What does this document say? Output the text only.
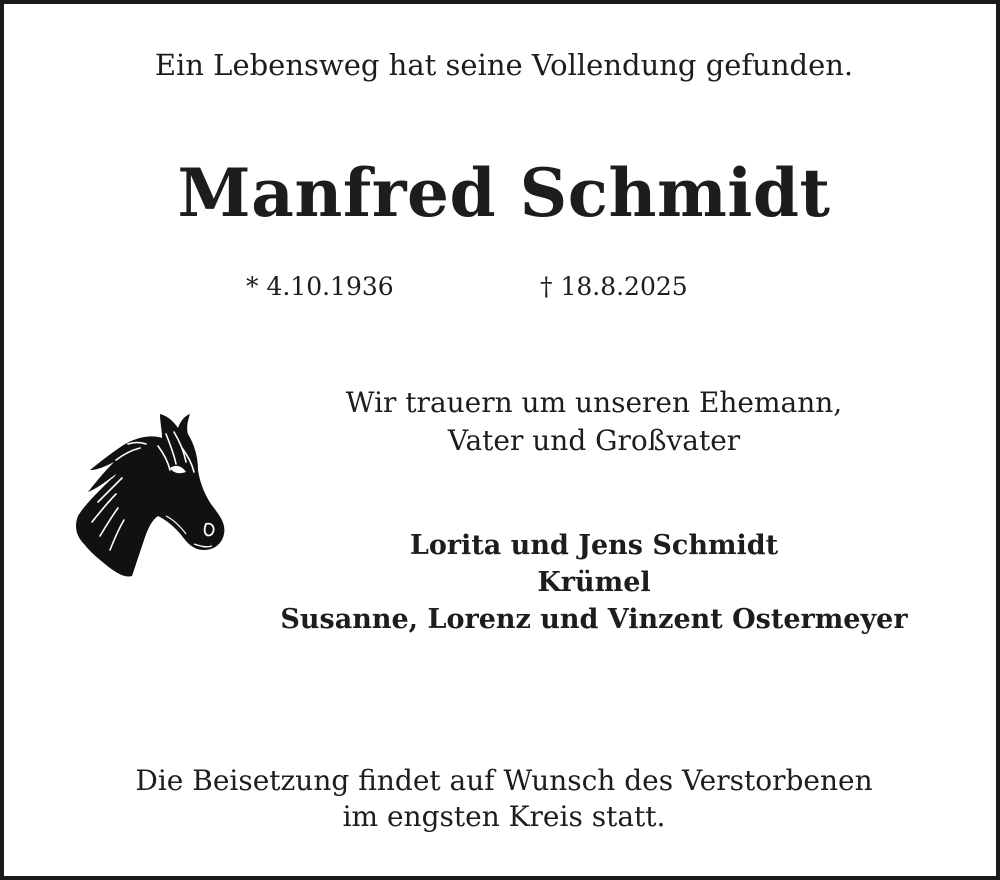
Ein Lebensweg hat seine Vollendung gefunden.
Manfred Schmidt
* 4.10.1936	† 18.8.2025
Wir trauern um unseren Ehemann,
Vater und Großvater
Lorita und Jens Schmidt
Krümel
Susanne, Lorenz und Vinzent Ostermeyer
Die Beisetzung findet auf Wunsch des Verstorbenen
im engsten Kreis statt.
